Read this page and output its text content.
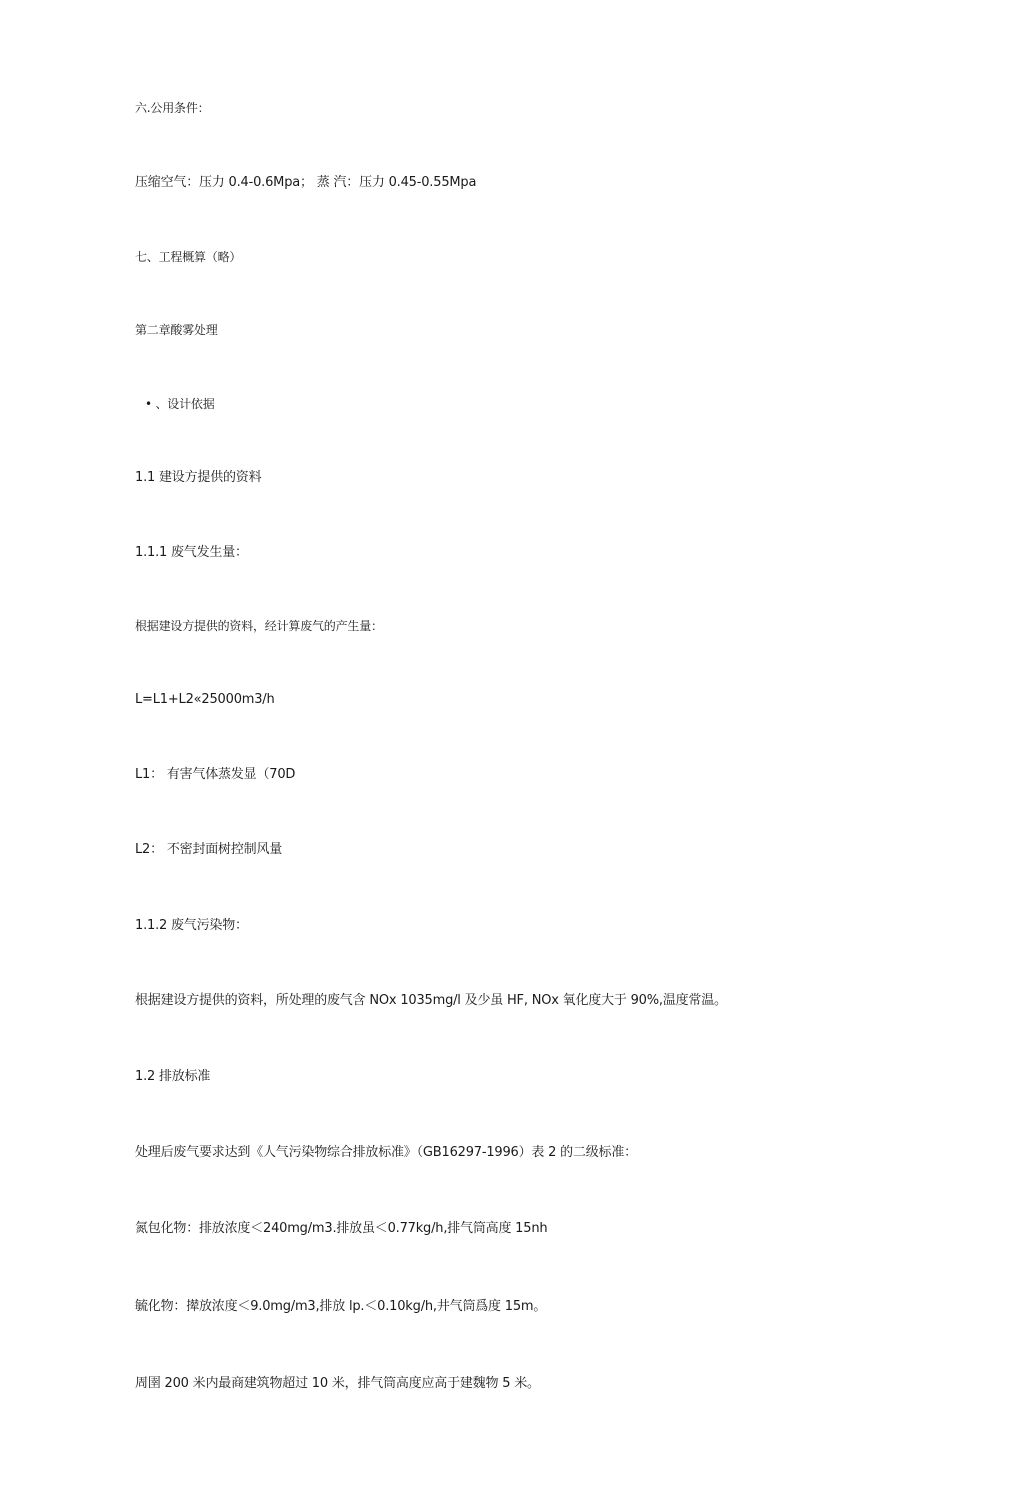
六.公用条件：
压缩空气：压力 0.4-0.6Mpa； 蒸 汽：压力 0.45-0.55Mpa
七、工程概算（略）
第二章酸雾处理
• 、设计依据
1.1 建设方提供的资料
1.1.1 废气发生量：
根据建设方提供的资料，经计算废气的产生量：
L=L1+L2«25000m3/h
L1： 有害气体蒸发显（70D
L2： 不密封面树控制风量
1.1.2 废气污染物：
根据建设方提供的资料，所处理的废气含 NOx 1035mg/l 及少虽 HF, NOx 氧化度大于 90%,温度常温。
1.2 排放标准
处理后废气要求达到《人气污染物综合排放标准》（GB16297-1996）表 2 的二级标准：
氮包化物：排放浓度＜240mg/m3.排放虽＜0.77kg/h,排气筒高度 15nh
毓化物：撵放浓度＜9.0mg/m3,排放 lp.＜0.10kg/h,井气筒爲度 15m。
周圉 200 米内最商建筑物超过 10 米，排气筒高度应高于建魏物 5 米。
